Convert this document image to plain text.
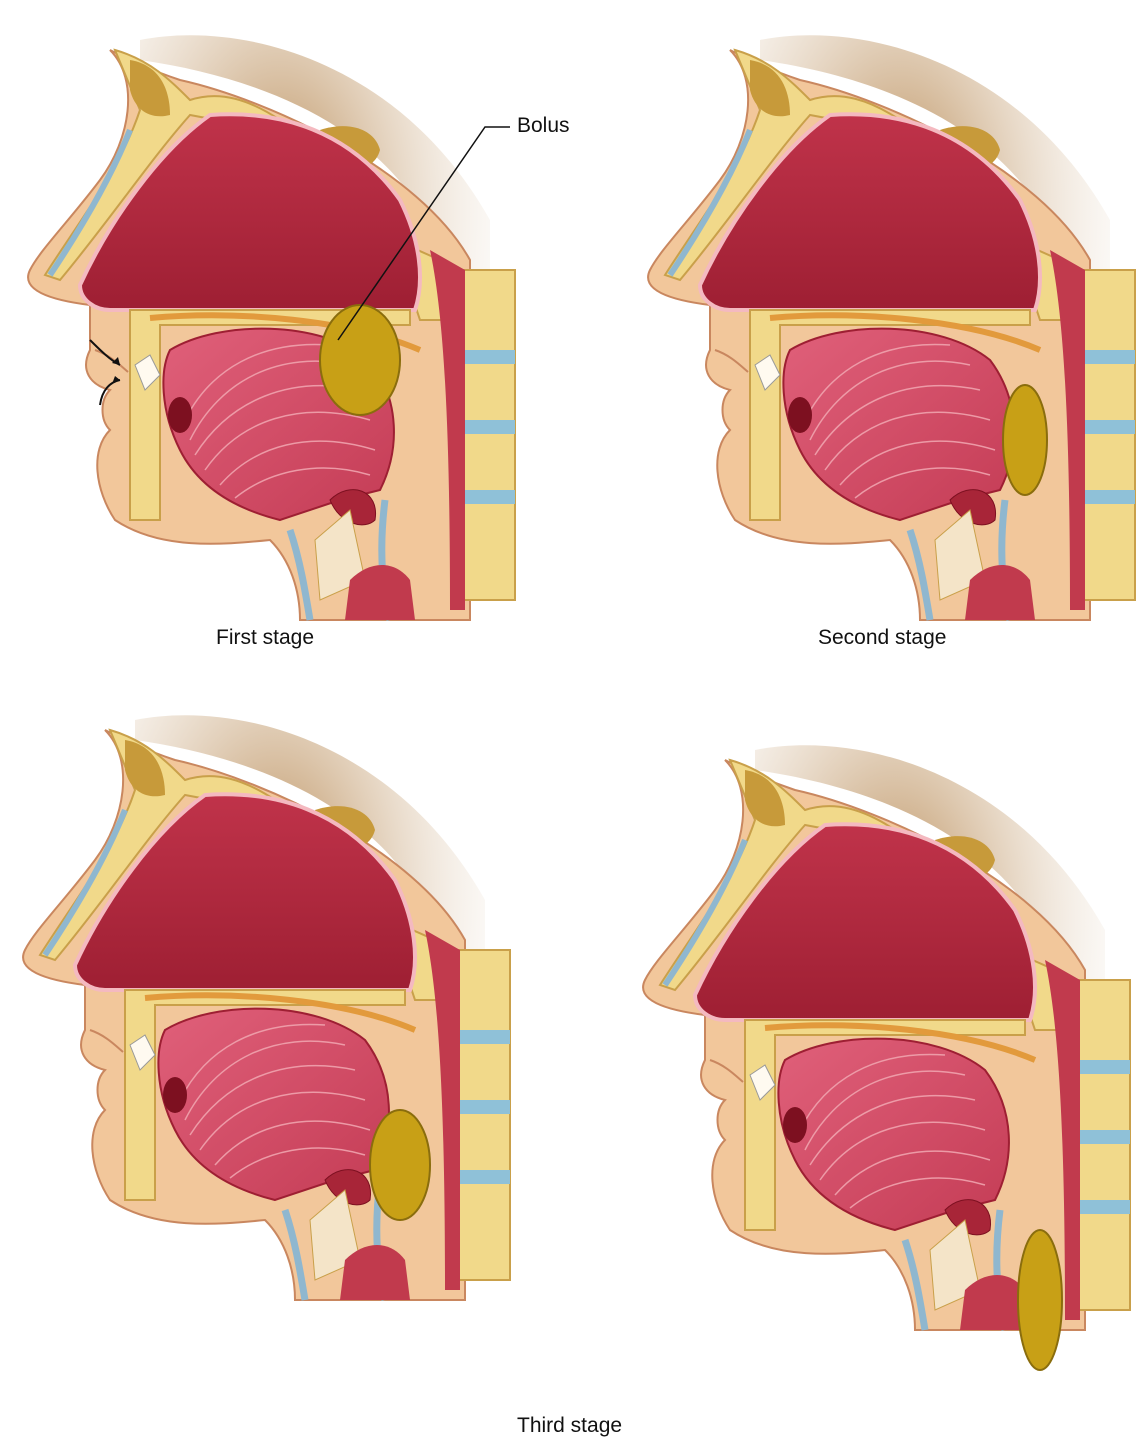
Bolus
First stage	Second stage
Third stage
